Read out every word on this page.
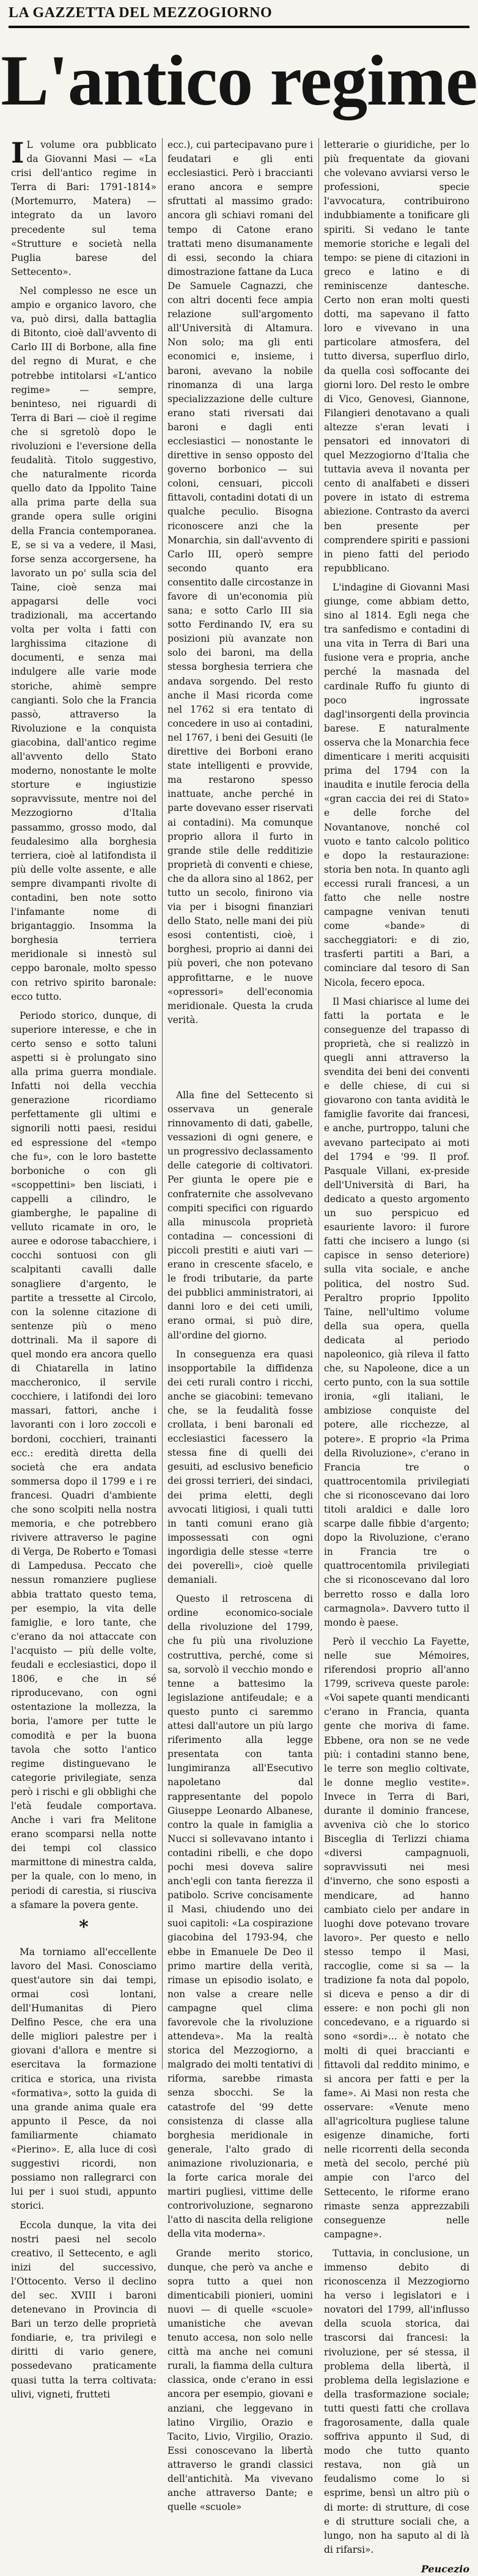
LA GAZZETTA DEL MEZZOGIORNO
L'antico regime

I L volume ora pubblicato da Giovanni Masi — «La crisi dell'antico regime in Terra di Bari: 1791-1814» (Mortemurro, Matera) — integrato da un lavoro precedente sul tema «Strutture e società nella Puglia barese del Settecento».

Nel complesso ne esce un ampio e organico lavoro, che va, può dirsi, dalla battaglia di Bitonto, cioè dall'avvento di Carlo III di Borbone, alla fine del regno di Murat, e che potrebbe intitolarsi «L'antico regime» — sempre, beninteso, nei riguardi di Terra di Bari — cioè il regime che si sgretolò dopo le rivoluzioni e l'eversione della feudalità. Titolo suggestivo, che naturalmente ricorda quello dato da Ippolito Taine alla prima parte della sua grande opera sulle origini della Francia contemporanea. E, se si va a vedere, il Masi, forse senza accorgersene, ha lavorato un po' sulla scia del Taine, cioè senza mai appagarsi delle voci tradizionali, ma accertando volta per volta i fatti con larghissima citazione di documenti, e senza mai indulgere alle varie mode storiche, ahimè sempre cangianti. Solo che la Francia passò, attraverso la Rivoluzione e la conquista giacobina, dall'antico regime all'avvento dello Stato moderno, nonostante le molte storture e ingiustizie sopravvissute, mentre noi del Mezzogiorno d'Italia passammo, grosso modo, dal feudalesimo alla borghesia terriera, cioè al latifondista il più delle volte assente, e alle sempre divampanti rivolte di contadini, ben note sotto l'infamante nome di brigantaggio. Insomma la borghesia terriera meridionale si innestò sul ceppo baronale, molto spesso con retrivo spirito baronale: ecco tutto.

Periodo storico, dunque, di superiore interesse, e che in certo senso e sotto taluni aspetti si è prolungato sino alla prima guerra mondiale. Infatti noi della vecchia generazione ricordiamo perfettamente gli ultimi e signorili notti paesi, residui ed espressione del «tempo che fu», con le loro bastette borboniche o con gli «scoppettini» ben lisciati, i cappelli a cilindro, le giamberghe, le papaline di velluto ricamate in oro, le auree e odorose tabacchiere, i cocchi sontuosi con gli scalpitanti cavalli dalle sonagliere d'argento, le partite a tressette al Circolo, con la solenne citazione di sentenze più o meno dottrinali. Ma il sapore di quel mondo era ancora quello di Chiatarella in latino maccheronico, il servile cocchiere, i latifondi dei loro massari, fattori, anche i lavoranti con i loro zoccoli e bordoni, cocchieri, trainanti ecc.: eredità diretta della società che era andata sommersa dopo il 1799 e i re francesi. Quadri d'ambiente che sono scolpiti nella nostra memoria, e che potrebbero rivivere attraverso le pagine di Verga, De Roberto e Tomasi di Lampedusa. Peccato che nessun romanziere pugliese abbia trattato questo tema, per esempio, la vita delle famiglie, e loro tante, che c'erano da noi attaccate con l'acquisto — più delle volte, feudali e ecclesiastici, dopo il 1806, e che in sé riproducevano, con ogni ostentazione la mollezza, la boria, l'amore per tutte le comodità e per la buona tavola che sotto l'antico regime distinguevano le categorie privilegiate, senza però i rischi e gli obblighi che l'età feudale comportava. Anche i vari fra Melitone erano scomparsi nella notte dei tempi col classico marmittone di minestra calda, per la quale, con lo meno, in periodi di carestia, si riusciva a sfamare la povera gente.

*

Ma torniamo all'eccellente lavoro del Masi. Conosciamo quest'autore sin dai tempi, ormai così lontani, dell'Humanitas di Piero Delfino Pesce, che era una delle migliori palestre per i giovani d'allora e mentre si esercitava la formazione critica e storica, una rivista «formativa», sotto la guida di una grande anima quale era appunto il Pesce, da noi familiarmente chiamato «Pierino». E, alla luce di così suggestivi ricordi, non possiamo non rallegrarci con lui per i suoi studi, appunto storici.

Eccola dunque, la vita dei nostri paesi nel secolo creativo, il Settecento, e agli inizi del successivo, l'Ottocento. Verso il declino del sec. XVIII i baroni detenevano in Provincia di Bari un terzo delle proprietà fondiarie, e, tra privilegi e diritti di vario genere, possedevano praticamente quasi tutta la terra coltivata: ulivi, vigneti, frutteti

ecc.), cui partecipavano pure i feudatari e gli enti ecclesiastici. Però i braccianti erano ancora e sempre sfruttati al massimo grado: ancora gli schiavi romani del tempo di Catone erano trattati meno disumanamente di essi, secondo la chiara dimostrazione fattane da Luca De Samuele Cagnazzi, che con altri docenti fece ampia relazione sull'argomento all'Università di Altamura. Non solo; ma gli enti economici e, insieme, i baroni, avevano la nobile rinomanza di una larga specializzazione delle culture erano stati riversati dai baroni e dagli enti ecclesiastici — nonostante le direttive in senso opposto del governo borbonico — sui coloni, censuari, piccoli fittavoli, contadini dotati di un qualche peculio. Bisogna riconoscere anzi che la Monarchia, sin dall'avvento di Carlo III, operò sempre secondo quanto era consentito dalle circostanze in favore di un'economia più sana; e sotto Carlo III sia sotto Ferdinando IV, era su posizioni più avanzate non solo dei baroni, ma della stessa borghesia terriera che andava sorgendo. Del resto anche il Masi ricorda come nel 1762 si era tentato di concedere in uso ai contadini, nel 1767, i beni dei Gesuiti (le direttive dei Borboni erano state intelligenti e provvide, ma restarono spesso inattuate, anche perché in parte dovevano esser riservati ai contadini). Ma comunque proprio allora il furto in grande stile delle redditizie proprietà di conventi e chiese, che da allora sino al 1862, per tutto un secolo, finirono via via per i bisogni finanziari dello Stato, nelle mani dei più esosi contentisti, cioè, i borghesi, proprio ai danni dei più poveri, che non potevano approfittarne, e le nuove «opressori» dell'economia meridionale. Questa la cruda verità.

Alla fine del Settecento si osservava un generale rinnovamento di dati, gabelle, vessazioni di ogni genere, e un progressivo declassamento delle categorie di coltivatori. Per giunta le opere pie e confraternite che assolvevano compiti specifici con riguardo alla minuscola proprietà contadina — concessioni di piccoli prestiti e aiuti vari — erano in crescente sfacelo, e le frodi tributarie, da parte dei pubblici amministratori, ai danni loro e dei ceti umili, erano ormai, si può dire, all'ordine del giorno.

In conseguenza era quasi insopportabile la diffidenza dei ceti rurali contro i ricchi, anche se giacobini: temevano che, se la feudalità fosse crollata, i beni baronali ed ecclesiastici facessero la stessa fine di quelli dei gesuiti, ad esclusivo beneficio dei grossi terrieri, dei sindaci, dei prima eletti, degli avvocati litigiosi, i quali tutti in tanti comuni erano già impossessati con ogni ingordigia delle stesse «terre dei poverelli», cioè quelle demaniali.

Questo il retroscena di ordine economico-sociale della rivoluzione del 1799, che fu più una rivoluzione costruttiva, perché, come si sa, sorvolò il vecchio mondo e tenne a battesimo la legislazione antifeudale; e a questo punto ci saremmo attesi dall'autore un più largo riferimento alla legge presentata con tanta lungimiranza all'Esecutivo napoletano dal rappresentante del popolo Giuseppe Leonardo Albanese, contro la quale in famiglia a Nucci si sollevavano intanto i contadini ribelli, e che dopo pochi mesi doveva salire anch'egli con tanta fierezza il patibolo. Scrive concisamente il Masi, chiudendo uno dei suoi capitoli: «La cospirazione giacobina del 1793-94, che ebbe in Emanuele De Deo il primo martire della verità, rimase un episodio isolato, e non valse a creare nelle campagne quel clima favorevole che la rivoluzione attendeva». Ma la realtà storica del Mezzogiorno, a malgrado dei molti tentativi di riforma, sarebbe rimasta senza sbocchi. Se la catastrofe del '99 dette consistenza di classe alla borghesia meridionale in generale, l'alto grado di animazione rivoluzionaria, e la forte carica morale dei martiri pugliesi, vittime delle controrivoluzione, segnarono l'atto di nascita della religione della vita moderna».

Grande merito storico, dunque, che però va anche e sopra tutto a quei non dimenticabili pionieri, uomini nuovi — di quelle «scuole» umanistiche che avevan tenuto accesa, non solo nelle città ma anche nei comuni rurali, la fiamma della cultura classica, onde c'erano in essi ancora per esempio, giovani e anziani, che leggevano in latino Virgilio, Orazio e Tacito, Livio, Virgilio, Orazio. Essi conoscevano la libertà attraverso le grandi classici dell'antichità. Ma vivevano anche attraverso Dante; e quelle «scuole»

letterarie o giuridiche, per lo più frequentate da giovani che volevano avviarsi verso le professioni, specie l'avvocatura, contribuirono indubbiamente a tonificare gli spiriti. Si vedano le tante memorie storiche e legali del tempo: se piene di citazioni in greco e latino e di reminiscenze dantesche. Certo non eran molti questi dotti, ma sapevano il fatto loro e vivevano in una particolare atmosfera, del tutto diversa, superfluo dirlo, da quella così soffocante dei giorni loro. Del resto le ombre di Vico, Genovesi, Giannone, Filangieri denotavano a quali altezze s'eran levati i pensatori ed innovatori di quel Mezzogiorno d'Italia che tuttavia aveva il novanta per cento di analfabeti e disseri povere in istato di estrema abiezione. Contrasto da averci ben presente per comprendere spiriti e passioni in pieno fatti del periodo repubblicano.

L'indagine di Giovanni Masi giunge, come abbiam detto, sino al 1814. Egli nega che tra sanfedismo e contadini di una vita in Terra di Bari una fusione vera e propria, anche perché la masnada del cardinale Ruffo fu giunto di poco ingrossate dagl'insorgenti della provincia barese. E naturalmente osserva che la Monarchia fece dimenticare i meriti acquisiti prima del 1794 con la inaudita e inutile ferocia della «gran caccia dei rei di Stato» e delle forche del Novantanove, nonché col vuoto e tanto calcolo politico e dopo la restaurazione: storia ben nota. In quanto agli eccessi rurali francesi, a un fatto che nelle nostre campagne venivan tenuti come «bande» di saccheggiatori: e di zio, trasferti partiti a Bari, a cominciare dal tesoro di San Nicola, fecero epoca.

Il Masi chiarisce al lume dei fatti la portata e le conseguenze del trapasso di proprietà, che si realizzò in quegli anni attraverso la svendita dei beni dei conventi e delle chiese, di cui si giovarono con tanta avidità le famiglie favorite dai francesi, e anche, purtroppo, taluni che avevano partecipato ai moti del 1794 e '99. Il prof. Pasquale Villani, ex-preside dell'Università di Bari, ha dedicato a questo argomento un suo perspicuo ed esauriente lavoro: il furore fatti che incisero a lungo (si capisce in senso deteriore) sulla vita sociale, e anche politica, del nostro Sud. Peraltro proprio Ippolito Taine, nell'ultimo volume della sua opera, quella dedicata al periodo napoleonico, già rileva il fatto che, su Napoleone, dice a un certo punto, con la sua sottile ironia, «gli italiani, le ambiziose conquiste del potere, alle ricchezze, al potere». E proprio «la Prima della Rivoluzione», c'erano in Francia tre o quattrocentomila privilegiati che si riconoscevano dai loro titoli araldici e dalle loro scarpe dalle fibbie d'argento; dopo la Rivoluzione, c'erano in Francia tre o quattrocentomila privilegiati che si riconoscevano dal loro berretto rosso e dalla loro carmagnola». Davvero tutto il mondo è paese.

Però il vecchio La Fayette, nelle sue Mémoires, riferendosi proprio all'anno 1799, scriveva queste parole: «Voi sapete quanti mendicanti c'erano in Francia, quanta gente che moriva di fame. Ebbene, ora non se ne vede più: i contadini stanno bene, le terre son meglio coltivate, le donne meglio vestite». Invece in Terra di Bari, durante il dominio francese, avveniva ciò che lo storico Bisceglia di Terlizzi chiama «diversi campagnuoli, sopravvissuti nei mesi d'inverno, che sono esposti a mendicare, ad hanno cambiato cielo per andare in luoghi dove potevano trovare lavoro». Per questo e nello stesso tempo il Masi, raccoglie, come si sa — la tradizione fa nota dal popolo, si diceva e penso a dir di essere: e non pochi gli non concedevano, e a riguardo si sono «sordi»... è notato che molti di quei braccianti e fittavoli dal reddito minimo, e si ancora per fatti e per la fame». Ai Masi non resta che osservare: «Venute meno all'agricoltura pugliese talune esigenze dinamiche, forti nelle ricorrenti della seconda metà del secolo, perché più ampie con l'arco del Settecento, le riforme erano rimaste senza apprezzabili conseguenze nelle campagne».

Tuttavia, in conclusione, un immenso debito di riconoscenza il Mezzogiorno ha verso i legislatori e i novatori del 1799, all'influsso della scuola storica, dai trascorsi dai francesi: la rivoluzione, per sé stessa, il problema della libertà, il problema della legislazione e della trasformazione sociale; tutti questi fatti che crollava fragorosamente, dalla quale soffriva appunto il Sud, di modo che tutto quanto restava, non già un feudalismo come lo si esprime, bensì un altro più o di morte: di strutture, di cose e di strutture sociali che, a lungo, non ha saputo al di là di rifarsi».

Peucezio
